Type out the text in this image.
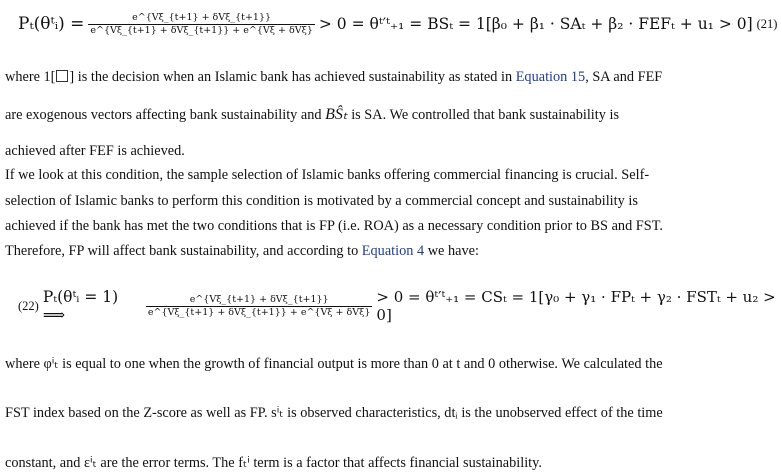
Pₜ(θᵗᵢ) = $\frac{\text{e\textasciicircum{}\{Vξ\_\{t+1\} + δVξ\_\{t+1\}\}}}{\text{e\textasciicircum{}\{Vξ\_\{t+1\} + δVξ\_\{t+1\}\} + e\textasciicircum{}\{Vξ + δVξ\}}} > 0$ = θᵗ′ᵗ₊₁ = BSₜ = 1[β₀ + β₁ · SAₜ + β₂ · FEFₜ + u₁ > 0] (21)
where 1[ ] is the decision when an Islamic bank has achieved sustainability as stated in Equation 15, SA and FEF
are exogenous vectors affecting bank sustainability and BŜₜ is SA. We controlled that bank sustainability is
achieved after FEF is achieved.
If we look at this condition, the sample selection of Islamic banks offering commercial financing is crucial. Self-
selection of Islamic banks to perform this condition is motivated by a commercial concept and sustainability is
achieved if the bank has met the two conditions that is FP (i.e. ROA) as a necessary condition prior to BS and FST.
Therefore, FP will affect bank sustainability, and according to Equation 4 we have:
(22) Pₜ(θᵗᵢ = 1) ⟹	$\frac{\text{e\textasciicircum{}\{Vξ\_\{t+1\} + δVξ\_\{t+1\}\}}}{\text{e\textasciicircum{}\{Vξ\_\{t+1\} + δVξ\_\{t+1\}\} + e\textasciicircum{}\{Vξ + δVξ\}}} > 0$ = θᵗ′ᵗ₊₁ = CSₜ = 1[γ₀ + γ₁ · FPₜ + γ₂ · FSTₜ + u₂ > 0]
where φⁱₜ is equal to one when the growth of financial output is more than 0 at t and 0 otherwise. We calculated the
FST index based on the Z-score as well as FP. sⁱₜ is observed characteristics, dtᵢ is the unobserved effect of the time
constant, and εⁱₜ are the error terms. The fₜⁱ term is a factor that affects financial sustainability.
